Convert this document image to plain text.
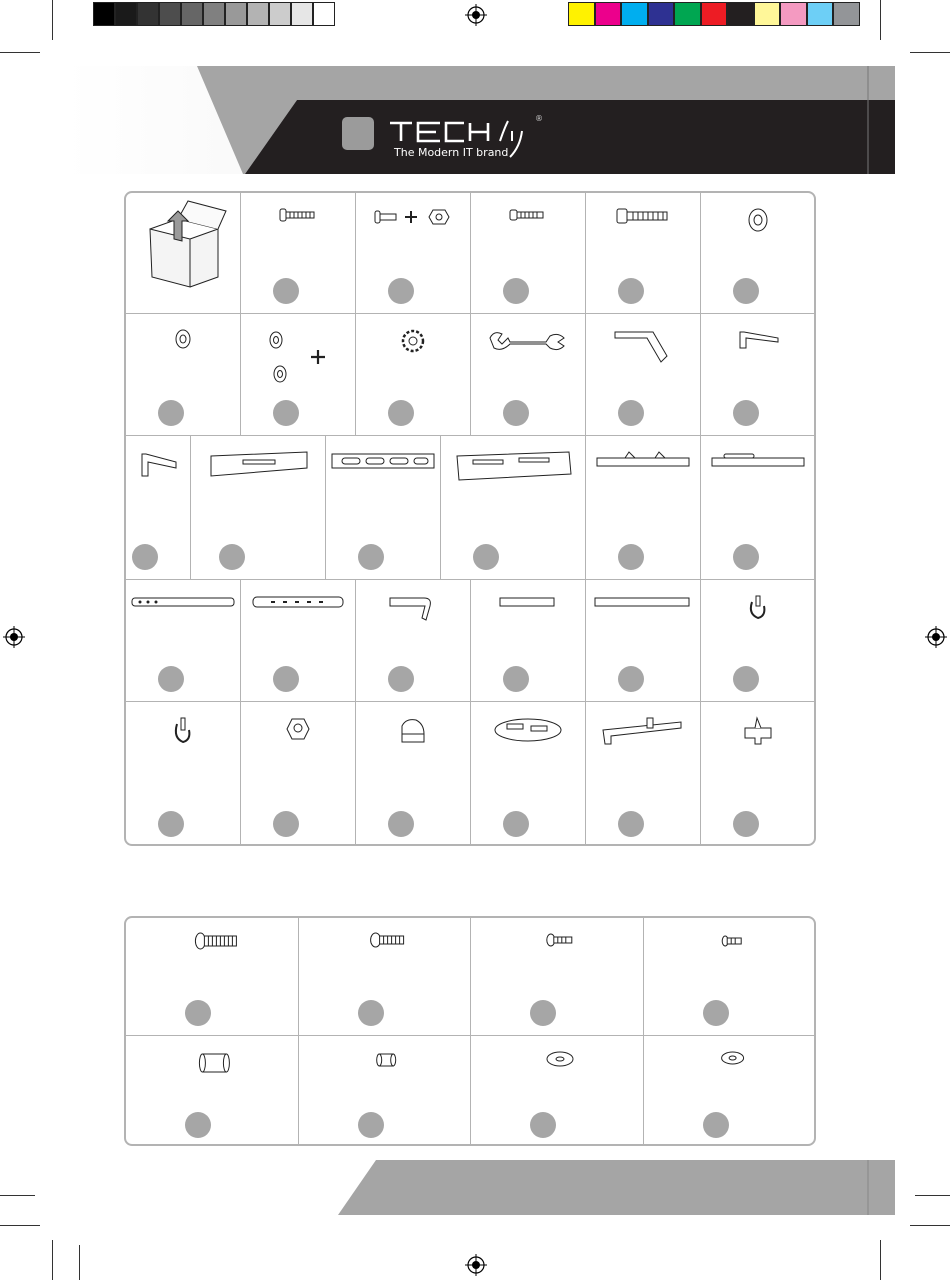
The Modern IT brand
®
